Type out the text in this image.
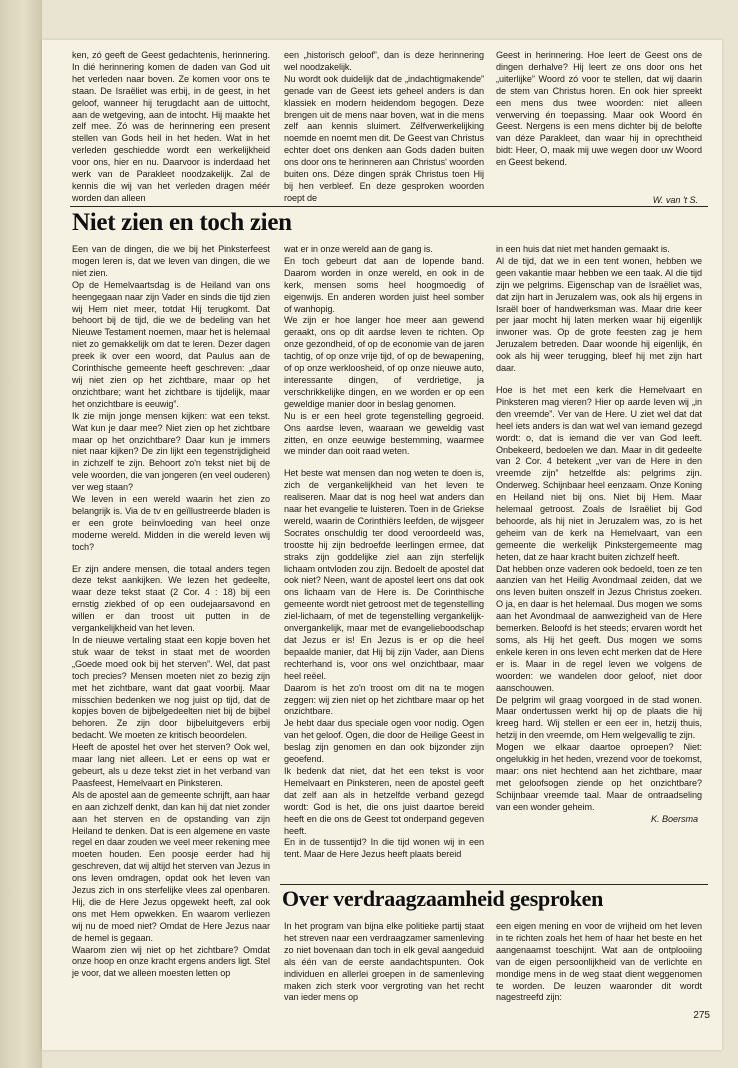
ken, zó geeft de Geest gedachtenis, herinnering. In dié herinnering komen de daden van God uit het verleden naar boven. Ze komen voor ons te staan. De Israëliet was erbij, in de geest, in het geloof, wanneer hij terugdacht aan de uittocht, aan de wetgeving, aan de intocht. Hij maakte het zelf mee. Zó was de herinnering een present stellen van Gods heil in het heden. Wat in het verleden geschiedde wordt een werkelijkheid voor ons, hier en nu. Daarvoor is inderdaad het werk van de Parakleet noodzakelijk. Zal de kennis die wij van het verleden dragen méér worden dan alleen

een „historisch geloof”, dan is deze herinnering wel noodzakelijk.

Nu wordt ook duidelijk dat de „indachtigmakende” genade van de Geest iets geheel anders is dan klassiek en modern heidendom begogen. Deze brengen uit de mens naar boven, wat in die mens zelf aan kennis sluimert. Zélfverwerkelijking noemde en noemt men dit. De Geest van Christus echter doet ons denken aan Gods daden buiten ons door ons te herinneren aan Christus' woorden buiten ons. Déze dingen sprák Christus toen Hij bij hen verbleef. En deze gesproken woorden roept de

Geest in herinnering. Hoe leert de Geest ons de dingen derhalve? Hij leert ze ons door ons het „uiterlijke” Woord zó voor te stellen, dat wij daarin de stem van Christus horen. En ook hier spreekt een mens dus twee woorden: niet alleen verwerving én toepassing. Maar ook Woord én Geest. Nergens is een mens dichter bij de belofte van déze Parakleet, dan waar hij in oprechtheid bidt: Heer, O, maak mij uwe wegen door uw Woord en Geest bekend.

W. van 't S.

Niet zien en toch zien

Een van de dingen, die we bij het Pinksterfeest mogen leren is, dat we leven van dingen, die we niet zien.

Op de Hemelvaartsdag is de Heiland van ons heengegaan naar zijn Vader en sinds die tijd zien wij Hem niet meer, totdat Hij terugkomt. Dat behoort bij de tijd, die we de bedeling van het Nieuwe Testament noemen, maar het is helemaal niet zo gemakkelijk om dat te leren. Dezer dagen preek ik over een woord, dat Paulus aan de Corinthische gemeente heeft geschreven: „daar wij niet zien op het zichtbare, maar op het onzichtbare; want het zichtbare is tijdelijk, maar het onzichtbare is eeuwig”.

Ik zie mijn jonge mensen kijken: wat een tekst. Wat kun je daar mee? Niet zien op het zichtbare maar op het onzichtbare? Daar kun je immers niet naar kijken? De zin lijkt een tegenstrijdigheid in zichzelf te zijn. Behoort zo'n tekst niet bij de vele woorden, die van jongeren (en veel ouderen) ver weg staan?

We leven in een wereld waarin het zien zo belangrijk is. Via de tv en geïllustreerde bladen is er een grote beïnvloeding van heel onze moderne wereld. Midden in die wereld leven wij toch?

Er zijn andere mensen, die totaal anders tegen deze tekst aankijken. We lezen het gedeelte, waar deze tekst staat (2 Cor. 4 : 18) bij een ernstig ziekbed of op een oudejaarsavond en willen er dan troost uit putten in de vergankelijkheid van het leven.

In de nieuwe vertaling staat een kopje boven het stuk waar de tekst in staat met de woorden „Goede moed ook bij het sterven”. Wel, dat past toch precies? Mensen moeten niet zo bezig zijn met het zichtbare, want dat gaat voorbij. Maar misschien bedenken we nog juist op tijd, dat de kopjes boven de bijbelgedeelten niet bij de bijbel behoren. Ze zijn door bijbeluitgevers erbij bedacht. We moeten ze kritisch beoordelen.

Heeft de apostel het over het sterven? Ook wel, maar lang niet alleen. Let er eens op wat er gebeurt, als u deze tekst ziet in het verband van Paasfeest, Hemelvaart en Pinksteren.

Als de apostel aan de gemeente schrijft, aan haar en aan zichzelf denkt, dan kan hij dat niet zonder aan het sterven en de opstanding van zijn Heiland te denken. Dat is een algemene en vaste regel en daar zouden we veel meer rekening mee moeten houden. Een poosje eerder had hij geschreven, dat wij altijd het sterven van Jezus in ons leven omdragen, opdat ook het leven van Jezus zich in ons sterfelijke vlees zal openbaren. Hij, die de Here Jezus opgewekt heeft, zal ook ons met Hem opwekken. En waarom verliezen wij nu de moed niet? Omdat de Here Jezus naar de hemel is gegaan.

Waarom zien wij niet op het zichtbare? Omdat onze hoop en onze kracht ergens anders ligt. Stel je voor, dat we alleen moesten letten op

wat er in onze wereld aan de gang is.

En toch gebeurt dat aan de lopende band. Daarom worden in onze wereld, en ook in de kerk, mensen soms heel hoogmoedig of eigenwijs. En anderen worden juist heel somber of wanhopig.

We zijn er hoe langer hoe meer aan gewend geraakt, ons op dit aardse leven te richten. Op onze gezondheid, of op de economie van de jaren tachtig, of op onze vrije tijd, of op de bewapening, of op onze werkloosheid, of op onze nieuwe auto, interessante dingen, of verdrietige, ja verschrikkelijke dingen, en we worden er op een geweldige manier door in beslag genomen.

Nu is er een heel grote tegenstelling gegroeid. Ons aardse leven, waaraan we geweldig vast zitten, en onze eeuwige bestemming, waarmee we minder dan ooit raad weten.

Het beste wat mensen dan nog weten te doen is, zich de vergankelijkheid van het leven te realiseren. Maar dat is nog heel wat anders dan naar het evangelie te luisteren. Toen in de Griekse wereld, waarin de Corinthiërs leefden, de wijsgeer Socrates onschuldig ter dood veroordeeld was, troostte hij zijn bedroefde leerlingen ermee, dat straks zijn goddelijke ziel aan zijn sterfelijk lichaam ontvloden zou zijn. Bedoelt de apostel dat ook niet? Neen, want de apostel leert ons dat ook ons lichaam van de Here is. De Corinthische gemeente wordt niet getroost met de tegenstelling ziel-lichaam, of met de tegenstelling vergankelijk-onvergankelijk, maar met de evangelieboodschap dat Jezus er is! En Jezus is er op die heel bepaalde manier, dat Hij bij zijn Vader, aan Diens rechterhand is, voor ons wel onzichtbaar, maar heel reëel.

Daarom is het zo'n troost om dit na te mogen zeggen: wij zien niet op het zichtbare maar op het onzichtbare.

Je hebt daar dus speciale ogen voor nodig. Ogen van het geloof. Ogen, die door de Heilige Geest in beslag zijn genomen en dan ook bijzonder zijn geoefend.

Ik bedenk dat niet, dat het een tekst is voor Hemelvaart en Pinksteren, neen de apostel geeft dat zelf aan als in hetzelfde verband gezegd wordt: God is het, die ons juist daartoe bereid heeft en die ons de Geest tot onderpand gegeven heeft.

En in de tussentijd? In die tijd wonen wij in een tent. Maar de Here Jezus heeft plaats bereid

in een huis dat niet met handen gemaakt is.

Al de tijd, dat we in een tent wonen, hebben we geen vakantie maar hebben we een taak. Al die tijd zijn we pelgrims. Eigenschap van de Israëliet was, dat zijn hart in Jeruzalem was, ook als hij ergens in Israël boer of handwerksman was. Maar drie keer per jaar mocht hij laten merken waar hij eigenlijk inwoner was. Op de grote feesten zag je hem Jeruzalem betreden. Daar woonde hij eigenlijk, én ook als hij weer terugging, bleef hij met zijn hart daar.

Hoe is het met een kerk die Hemelvaart en Pinksteren mag vieren? Hier op aarde leven wij „in den vreemde”. Ver van de Here. U ziet wel dat dat heel iets anders is dan wat wel van iemand gezegd wordt: o, dat is iemand die ver van God leeft. Onbekeerd, bedoelen we dan. Maar in dit gedeelte van 2 Cor. 4 betekent „ver van de Here in den vreemde zijn” hetzelfde als: pelgrims zijn. Onderweg. Schijnbaar heel eenzaam. Onze Koning en Heiland niet bij ons. Niet bij Hem. Maar helemaal getroost. Zoals de Israëliet bij God behoorde, als hij niet in Jeruzalem was, zo is het geheim van de kerk na Hemelvaart, van een gemeente die werkelijk Pinkstergemeente mag heten, dat ze haar kracht buiten zichzelf heeft.

Dat hebben onze vaderen ook bedoeld, toen ze ten aanzien van het Heilig Avondmaal zeiden, dat we ons leven buiten onszelf in Jezus Christus zoeken. O ja, en daar is het helemaal. Dus mogen we soms aan het Avondmaal de aanwezigheid van de Here bemerken. Beloofd is het steeds; ervaren wordt het soms, als Hij het geeft. Dus mogen we soms enkele keren in ons leven echt merken dat de Here er is. Maar in de regel leven we volgens de woorden: we wandelen door geloof, niet door aanschouwen.

De pelgrim wil graag voorgoed in de stad wonen. Maar ondertussen werkt hij op de plaats die hij kreeg hard. Wij stellen er een eer in, hetzij thuis, hetzij in den vreemde, om Hem welgevallig te zijn.

Mogen we elkaar daartoe oproepen? Niet: ongelukkig in het heden, vrezend voor de toekomst, maar: ons niet hechtend aan het zichtbare, maar met geloofsogen ziende op het onzichtbare? Schijnbaar vreemde taal. Maar de ontraadseling van een wonder geheim.

K. Boersma

Over verdraagzaamheid gesproken

In het program van bijna elke politieke partij staat het streven naar een verdraagzamer samenleving zo niet bovenaan dan toch in elk geval aangeduid als één van de eerste aandachtspunten. Ook individuen en allerlei groepen in de samenleving maken zich sterk voor vergroting van het recht van ieder mens op

een eigen mening en voor de vrijheid om het leven in te richten zoals het hem of haar het beste en het aangenaamst toeschijnt. Wat aan de ontplooiing van de eigen persoonlijkheid van de verlichte en mondige mens in de weg staat dient weggenomen te worden. De leuzen waaronder dit wordt nagestreefd zijn:

275
